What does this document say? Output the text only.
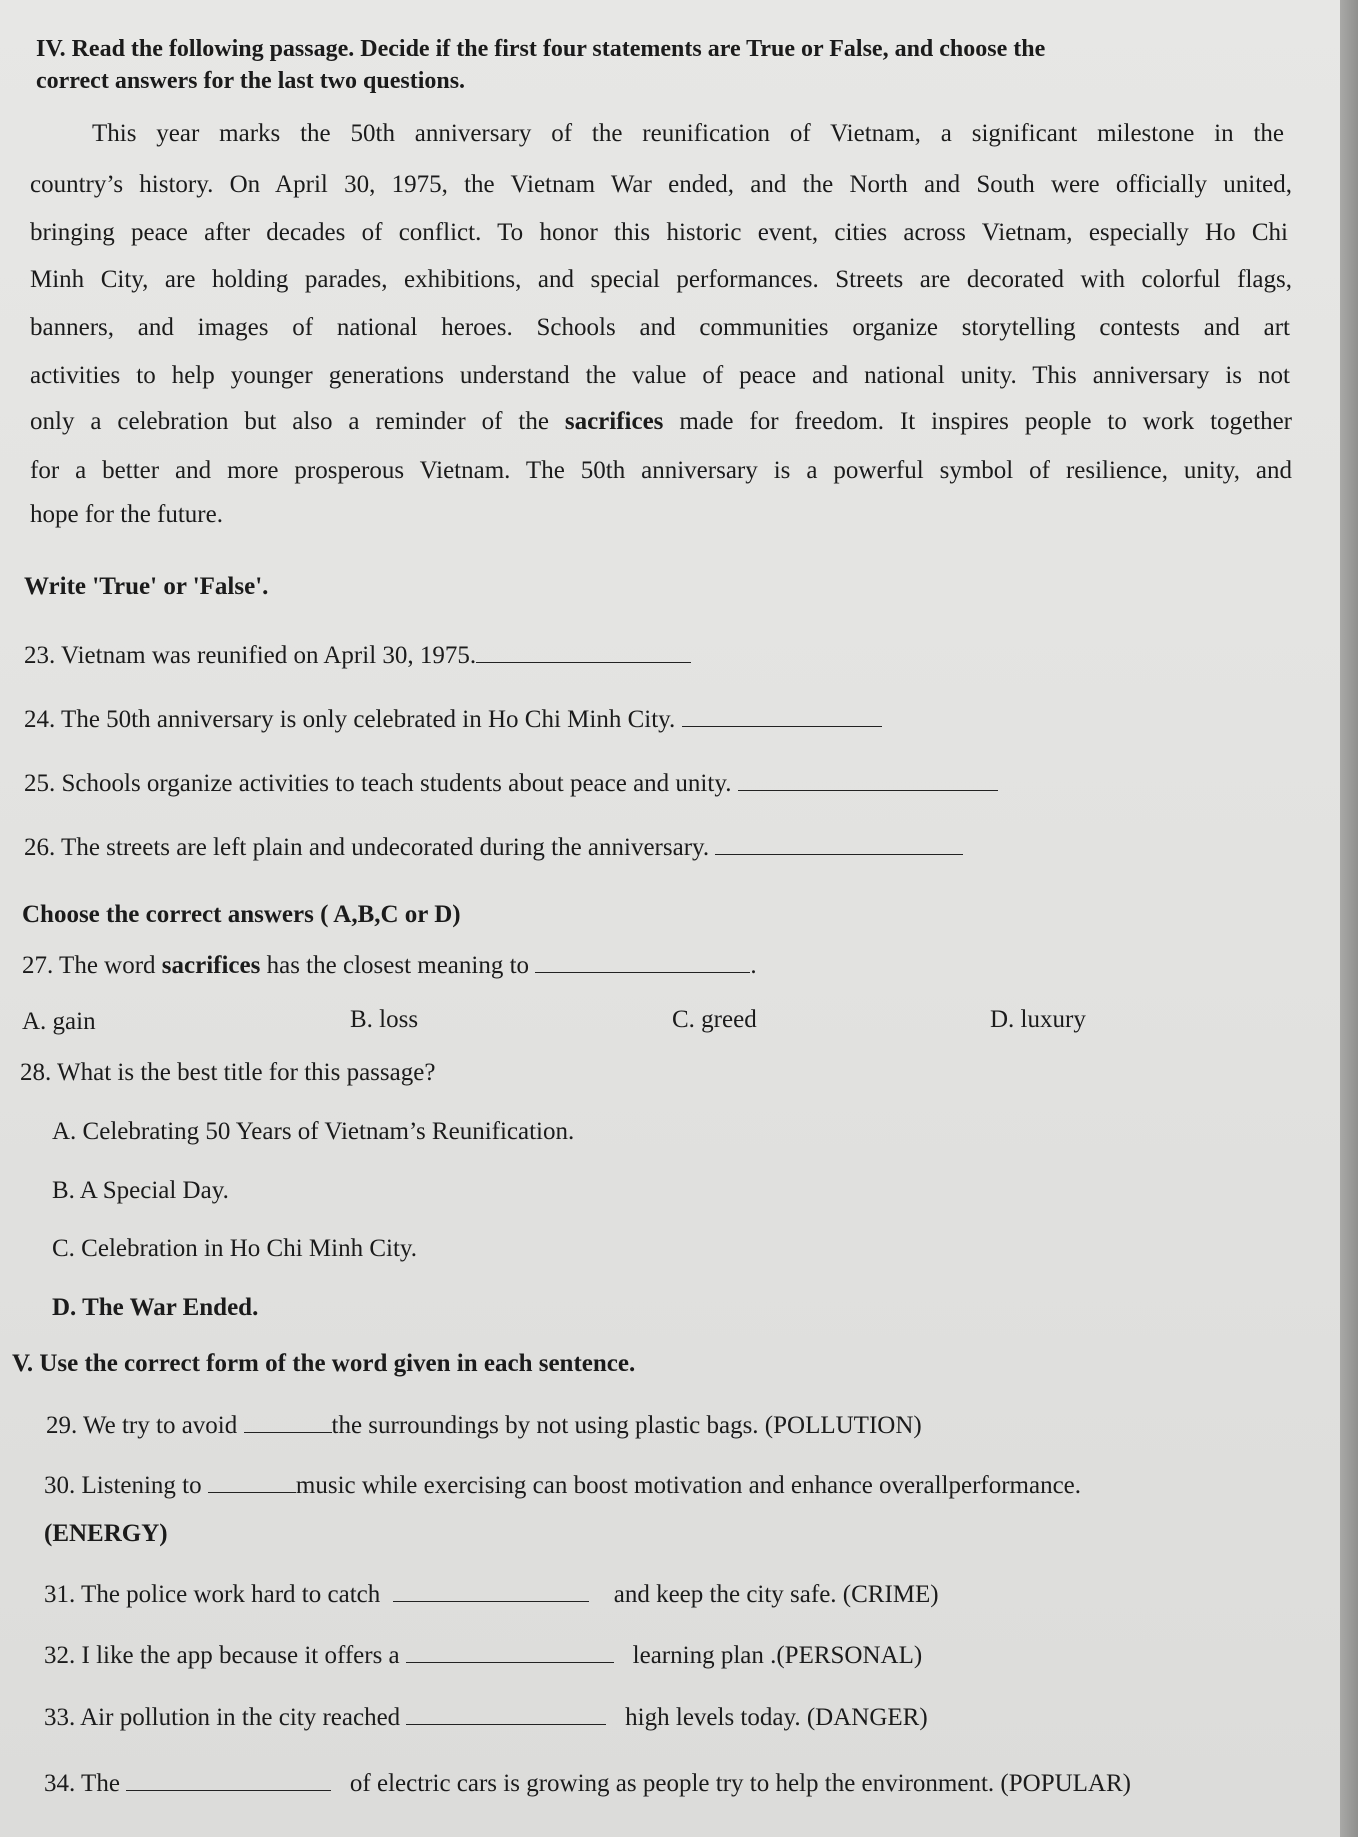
IV. Read the following passage. Decide if the first four statements are True or False, and choose the
correct answers for the last two questions.
This year marks the 50th anniversary of the reunification of Vietnam, a significant milestone in the
country’s history. On April 30, 1975, the Vietnam War ended, and the North and South were officially united,
bringing peace after decades of conflict. To honor this historic event, cities across Vietnam, especially Ho Chi
Minh City, are holding parades, exhibitions, and special performances. Streets are decorated with colorful flags,
banners, and images of national heroes. Schools and communities organize storytelling contests and art
activities to help younger generations understand the value of peace and national unity. This anniversary is not
only a celebration but also a reminder of the sacrifices made for freedom. It inspires people to work together
for a better and more prosperous Vietnam. The 50th anniversary is a powerful symbol of resilience, unity, and
hope for the future.
Write 'True' or 'False'.
23. Vietnam was reunified on April 30, 1975.
24. The 50th anniversary is only celebrated in Ho Chi Minh City.
25. Schools organize activities to teach students about peace and unity.
26. The streets are left plain and undecorated during the anniversary.
Choose the correct answers ( A,B,C or D)
27. The word sacrifices has the closest meaning to	.
A. gain	B. loss	C. greed	D. luxury
28. What is the best title for this passage?
A. Celebrating 50 Years of Vietnam’s Reunification.
B. A Special Day.
C. Celebration in Ho Chi Minh City.
D. The War Ended.
V. Use the correct form of the word given in each sentence.
29. We try to avoid	the surroundings by not using plastic bags. (POLLUTION)
30. Listening to	music while exercising can boost motivation and enhance overallperformance.
(ENERGY)
31. The police work hard to catch	and keep the city safe. (CRIME)
32. I like the app because it offers a	learning plan .(PERSONAL)
33. Air pollution in the city reached	high levels today. (DANGER)
34. The	of electric cars is growing as people try to help the environment. (POPULAR)
